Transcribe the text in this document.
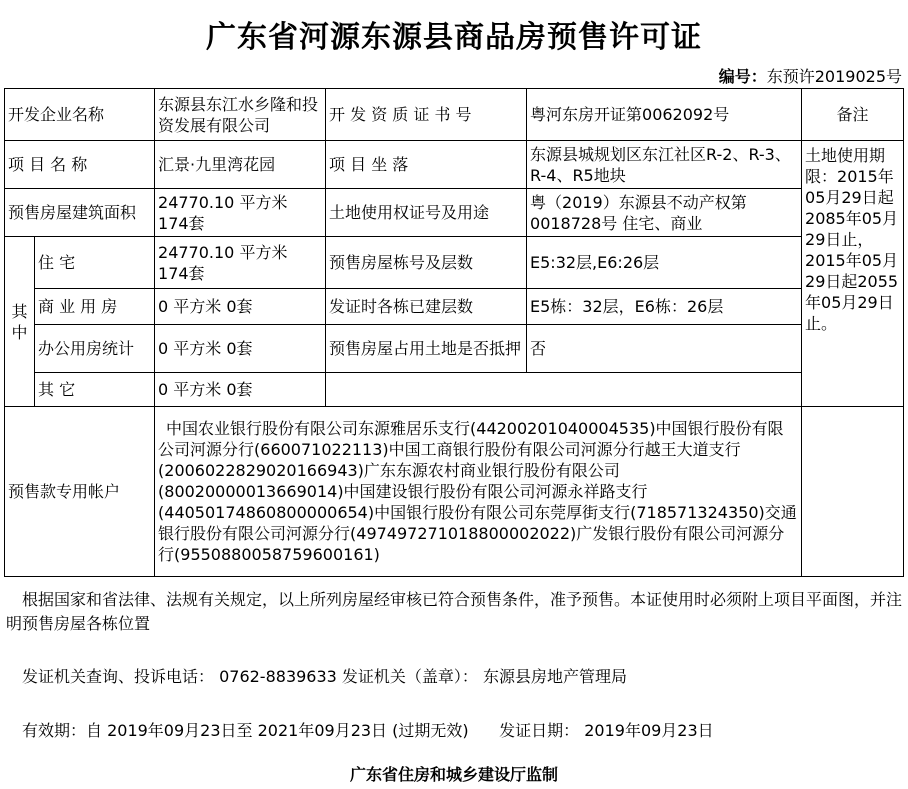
广东省河源东源县商品房预售许可证
编号：东预许2019025号
开发企业名称		东源县东江水乡隆和投资发展有限公司	开 发 资 质 证 书 号	粤河东房开证第0062092号	备注
项 目 名 称		汇景·九里湾花园	项 目 坐 落	东源县城规划区东江社区R-2、R-3、R-4、R5地块	土地使用期限：2015年05月29日起2085年05月29日止，2015年05月29日起2055年05月29日止。
预售房屋建筑面积		24770.10 平方米 174套	土地使用权证号及用途	粤（2019）东源县不动产权第0018728号 住宅、商业	
其中	住 宅	24770.10 平方米 174套	预售房屋栋号及层数	E5:32层,E6:26层	
	商 业 用 房	0 平方米 0套	发证时各栋已建层数	E5栋：32层，E6栋：26层	
	办公用房统计	0 平方米 0套	预售房屋占用土地是否抵押	否	
	其 它	0 平方米 0套			
预售款专用帐户		中国农业银行股份有限公司东源雅居乐支行(44200201040004535)中国银行股份有限公司河源分行(660071022113)中国工商银行股份有限公司河源分行越王大道支行(2006022829020166943)广东东源农村商业银行股份有限公司(80020000013669014)中国建设银行股份有限公司河源永祥路支行(44050174860800000654)中国银行股份有限公司东莞厚街支行(718571324350)交通银行股份有限公司河源分行(497497271018800002022)广发银行股份有限公司河源分行(9550880058759600161)			
根据国家和省法律、法规有关规定，以上所列房屋经审核已符合预售条件，准予预售。本证使用时必须附上项目平面图，并注明预售房屋各栋位置
发证机关查询、投诉电话： 0762-8839633 发证机关（盖章）： 东源县房地产管理局
有效期：自 2019年09月23日至 2021年09月23日 (过期无效)      发证日期： 2019年09月23日
广东省住房和城乡建设厅监制
